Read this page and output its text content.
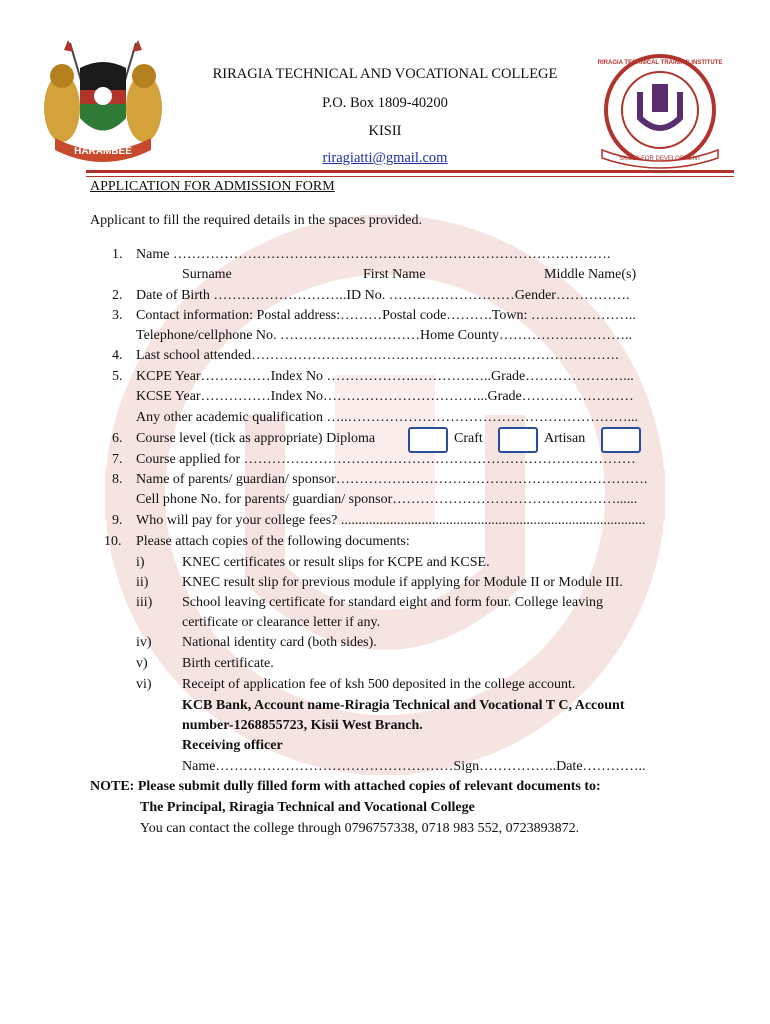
HARAMBEE
SKILLS FOR DEVELOPMENT
RIRAGIA TECHNICAL TRAINING INSTITUTE
RIRAGIA TECHNICAL AND VOCATIONAL COLLEGE
P.O. Box 1809-40200
KISII
riragiatti@gmail.com
APPLICATION FOR ADMISSION FORM
Applicant to fill the required details in the spaces provided.
1. Name ………………………………………………………………………………….
Surname	First Name	Middle Name(s)
2. Date of Birth ………………………..ID No. ………………………Gender…………….
3. Contact information: Postal address:………Postal code……….Town: …………………..
Telephone/cellphone No. …………………………Home County………………………..
4. Last school attended…………………………………………………………………….
5. KCPE Year……………Index No ……………….……………..Grade…………………...
KCSE Year……………Index No……………………………...Grade……………………
Any other academic qualification …..……………………………………………………...
6. Course level (tick as appropriate) Diploma	Craft	Artisan
7. Course applied for …………………………………………………………………………
8. Name of parents/ guardian/ sponsor………………………………………………………….
Cell phone No. for parents/ guardian/ sponsor…………………………………………......
9. Who will pay for your college fees? .......................................................................................
10. Please attach copies of the following documents:
i)	KNEC certificates or result slips for KCPE and KCSE.
ii) KNEC result slip for previous module if applying for Module II or Module III.
iii) School leaving certificate for standard eight and form four. College leaving
certificate or clearance letter if any.
iv) National identity card (both sides).
v) Birth certificate.
vi) Receipt of application fee of ksh 500 deposited in the college account.
KCB Bank, Account name-Riragia Technical and Vocational T C, Account
number-1268855723, Kisii West Branch.
Receiving officer
Name……………………………………………Sign……………..Date…………..
NOTE: Please submit dully filled form with attached copies of relevant documents to:
The Principal, Riragia Technical and Vocational College
You can contact the college through 0796757338, 0718 983 552, 0723893872.
